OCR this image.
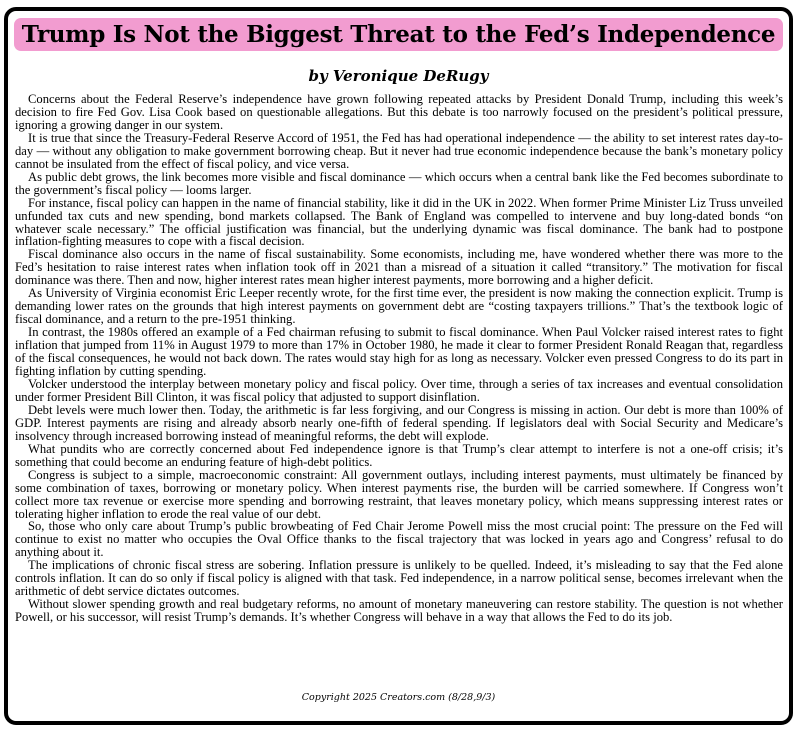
Trump Is Not the Biggest Threat to the Fed’s Independence
by Veronique DeRugy

Concerns about the Federal Reserve’s independence have grown following repeated attacks by President Donald Trump, including this week’s decision to fire Fed Gov. Lisa Cook based on questionable allegations. But this debate is too narrowly focused on the president’s political pressure, ignoring a growing danger in our system.

It is true that since the Treasury-Federal Reserve Accord of 1951, the Fed has had operational independence — the ability to set interest rates day-to-day — without any obligation to make government borrowing cheap. But it never had true economic independence because the bank’s monetary policy cannot be insulated from the effect of fiscal policy, and vice versa.

As public debt grows, the link becomes more visible and fiscal dominance — which occurs when a central bank like the Fed becomes subordinate to the government’s fiscal policy — looms larger.

For instance, fiscal policy can happen in the name of financial stability, like it did in the UK in 2022. When former Prime Minister Liz Truss unveiled unfunded tax cuts and new spending, bond markets collapsed. The Bank of England was compelled to intervene and buy long-dated bonds “on whatever scale necessary.” The official justification was financial, but the underlying dynamic was fiscal dominance. The bank had to postpone inflation-fighting measures to cope with a fiscal decision.

Fiscal dominance also occurs in the name of fiscal sustainability. Some economists, including me, have wondered whether there was more to the Fed’s hesitation to raise interest rates when inflation took off in 2021 than a misread of a situation it called “transitory.” The motivation for fiscal dominance was there. Then and now, higher interest rates mean higher interest payments, more borrowing and a higher deficit.

As University of Virginia economist Eric Leeper recently wrote, for the first time ever, the president is now making the connection explicit. Trump is demanding lower rates on the grounds that high interest payments on government debt are “costing taxpayers trillions.” That’s the textbook logic of fiscal dominance, and a return to the pre-1951 thinking.

In contrast, the 1980s offered an example of a Fed chairman refusing to submit to fiscal dominance. When Paul Volcker raised interest rates to fight inflation that jumped from 11% in August 1979 to more than 17% in October 1980, he made it clear to former President Ronald Reagan that, regardless of the fiscal consequences, he would not back down. The rates would stay high for as long as necessary. Volcker even pressed Congress to do its part in fighting inflation by cutting spending.

Volcker understood the interplay between monetary policy and fiscal policy. Over time, through a series of tax increases and eventual consolidation under former President Bill Clinton, it was fiscal policy that adjusted to support disinflation.

Debt levels were much lower then. Today, the arithmetic is far less forgiving, and our Congress is missing in action. Our debt is more than 100% of GDP. Interest payments are rising and already absorb nearly one-fifth of federal spending. If legislators deal with Social Security and Medicare’s insolvency through increased borrowing instead of meaningful reforms, the debt will explode.

What pundits who are correctly concerned about Fed independence ignore is that Trump’s clear attempt to interfere is not a one-off crisis; it’s something that could become an enduring feature of high-debt politics.

Congress is subject to a simple, macroeconomic constraint: All government outlays, including interest payments, must ultimately be financed by some combination of taxes, borrowing or monetary policy. When interest payments rise, the burden will be carried somewhere. If Congress won’t collect more tax revenue or exercise more spending and borrowing restraint, that leaves monetary policy, which means suppressing interest rates or tolerating higher inflation to erode the real value of our debt.

So, those who only care about Trump’s public browbeating of Fed Chair Jerome Powell miss the most crucial point: The pressure on the Fed will continue to exist no matter who occupies the Oval Office thanks to the fiscal trajectory that was locked in years ago and Congress’ refusal to do anything about it.

The implications of chronic fiscal stress are sobering. Inflation pressure is unlikely to be quelled. Indeed, it’s misleading to say that the Fed alone controls inflation. It can do so only if fiscal policy is aligned with that task. Fed independence, in a narrow political sense, becomes irrelevant when the arithmetic of debt service dictates outcomes.

Without slower spending growth and real budgetary reforms, no amount of monetary maneuvering can restore stability. The question is not whether Powell, or his successor, will resist Trump’s demands. It’s whether Congress will behave in a way that allows the Fed to do its job.

Copyright 2025 Creators.com (8/28,9/3)
